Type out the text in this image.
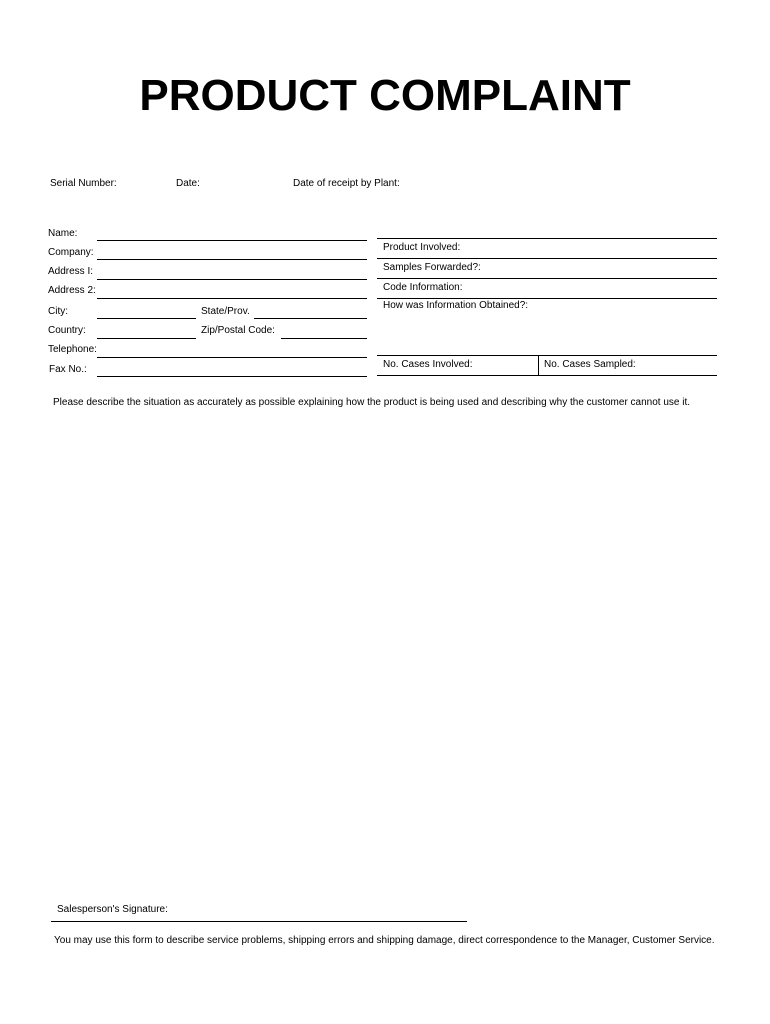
PRODUCT COMPLAINT
Serial Number:	Date:	Date of receipt by Plant:
Name:
Company:
Address I:
Address 2:
City:	State/Prov.
Country:	Zip/Postal Code:
Telephone:
Fax No.:
Product Involved:
Samples Forwarded?:
Code Information:
How was Information Obtained?:
No. Cases Involved:	No. Cases Sampled:
Please describe the situation as accurately as possible explaining how the product is being used and describing why the customer cannot use it.
Salesperson's Signature:
You may use this form to describe service problems, shipping errors and shipping damage, direct correspondence to the Manager, Customer Service.
